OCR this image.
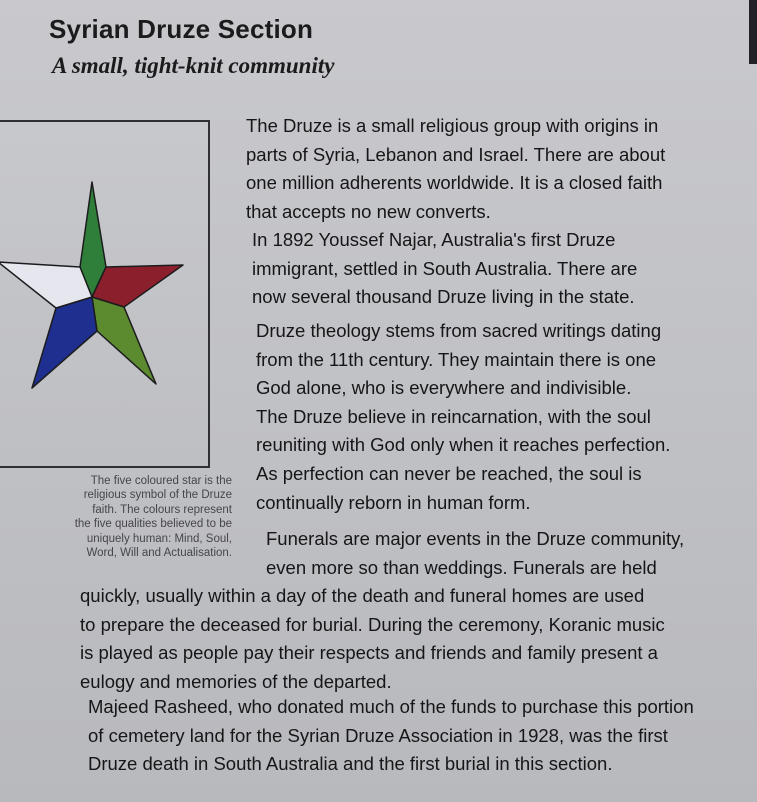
Syrian Druze Section
A small, tight-knit community
The five coloured star is the
religious symbol of the Druze
faith. The colours represent
the five qualities believed to be
uniquely human: Mind, Soul,
Word, Will and Actualisation.
The Druze is a small religious group with origins in
parts of Syria, Lebanon and Israel. There are about
one million adherents worldwide. It is a closed faith
that accepts no new converts.
In 1892 Youssef Najar, Australia's first Druze
immigrant, settled in South Australia. There are
now several thousand Druze living in the state.
Druze theology stems from sacred writings dating
from the 11th century. They maintain there is one
God alone, who is everywhere and indivisible.
The Druze believe in reincarnation, with the soul
reuniting with God only when it reaches perfection.
As perfection can never be reached, the soul is
continually reborn in human form.
Funerals are major events in the Druze community,
even more so than weddings. Funerals are held
quickly, usually within a day of the death and funeral homes are used
to prepare the deceased for burial. During the ceremony, Koranic music
is played as people pay their respects and friends and family present a
eulogy and memories of the departed.
Majeed Rasheed, who donated much of the funds to purchase this portion
of cemetery land for the Syrian Druze Association in 1928, was the first
Druze death in South Australia and the first burial in this section.
